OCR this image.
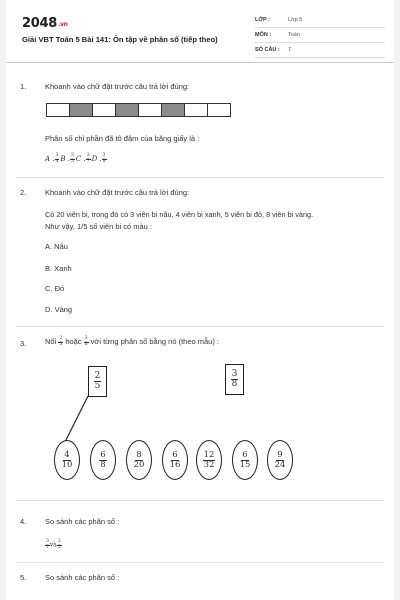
2048.vn
Giải VBT Toán 5 Bài 141: Ôn tập về phân số (tiếp theo)
LỚP :	Lớp 5
MÔN :	Toán
SỐ CÂU : 7
1. Khoanh vào chữ đặt trước câu trả lời đúng:
Phân số chỉ phần đã tô đậm của băng giấy là :
A . $\frac{3}{4}$ B . $\frac{3}{5}$ C . $\frac{3}{7}$ D . $\frac{3}{8}$
2. Khoanh vào chữ đặt trước câu trả lời đúng:
Có 20 viên bi, trong đó có 3 viên bi nâu, 4 viên bi xanh, 5 viên bi đỏ, 8 viên bi vàng.
Như vậy, 1/5 số viên bi có màu :
A. Nâu
B. Xanh
C. Đỏ
D. Vàng
3. Nối $\frac{2}{5}$ hoặc $\frac{3}{8}$ với từng phân số bằng nó (theo mẫu) :
$\frac{2}{5}$	$\frac{3}{8}$
$\frac{4}{10}$	$\frac{6}{8}$	$\frac{8}{20}$	$\frac{6}{16}$	$\frac{12}{32}$	$\frac{6}{15}$	$\frac{9}{24}$
4. So sánh các phân số :
$\frac{3}{7}$ và $\frac{2}{5}$
5. So sánh các phân số :
